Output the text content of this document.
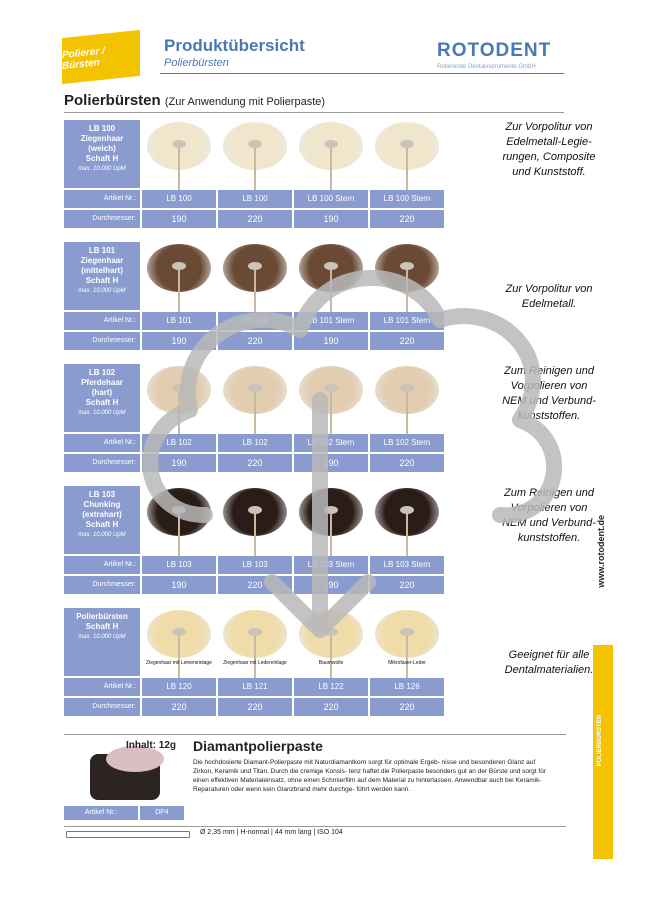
Polierer / Bürsten
Produktübersicht
Polierbürsten
ROTODENT
Rotierende Dentalinstrumente GmbH
Polierbürsten (Zur Anwendung mit Polierpaste)
LB 100
Ziegenhaar
(weich)
Schaft H
max. 10.000 UpM
Artikel Nr.:	LB 100	LB 100	LB 100 Stern	LB 100 Stern
Durchmesser:	190	220	190	220
Zur Vorpolitur von
Edelmetall-Legie-
rungen, Composite
und Kunststoff.
LB 101
Ziegenhaar
(mittelhart)
Schaft H
max. 10.000 UpM
Artikel Nr.:	LB 101	LB 101	LB 101 Stern	LB 101 Stern
Durchmesser:	190	220	190	220
Zur Vorpolitur von
Edelmetall.
LB 102
Pferdehaar
(hart)
Schaft H
max. 10.000 UpM
Artikel Nr.:	LB 102	LB 102	LB 102 Stern	LB 102 Stern
Durchmesser:	190	220	190	220
Zum Reinigen und
Vorpolieren von
NEM und Verbund-
kunststoffen.
LB 103
Chunking
(extrahart)
Schaft H
max. 10.000 UpM
Artikel Nr.:	LB 103	LB 103	LB 103 Stern	LB 103 Stern
Durchmesser:	190	220	190	220
Zum Reinigen und
Vorpolieren von
NEM und Verbund-
kunststoffen.
Polierbürsten
Schaft H
max. 10.000 UpM
Ziegenhaar mit Leineneinlage	Ziegenhaar mit Ledereinlage	Baumwolle	Mikrofaser-Leder
Artikel Nr.:	LB 120	LB 121	LB 122	LB 126
Durchmesser:	220	220	220	220
Geeignet für alle
Dentalmaterialien.
www.rotodent.de
POLIERBÜRSTEN
Inhalt: 12g
Artikel Nr.:	DP4
Diamantpolierpaste
Die hochdosierte Diamant-Polierpaste mit Naturdiamantkorn sorgt für optimale Ergeb- nisse und besonderen Glanz auf Zirkon, Keramik und Titan. Durch die cremige Konsis- tenz haftet die Polierpaste besonders gut an der Bürste und sorgt für einen effektiven Materialeinsatz, ohne einen Schmierfilm auf dem Material zu hinterlassen. Anwendbar auch bei Keramik-Reparaturen oder wenn kein Glanzbrand mehr durchge- führt werden kann.
Ø 2,35 mm | H-normal | 44 mm lang | ISO 104
